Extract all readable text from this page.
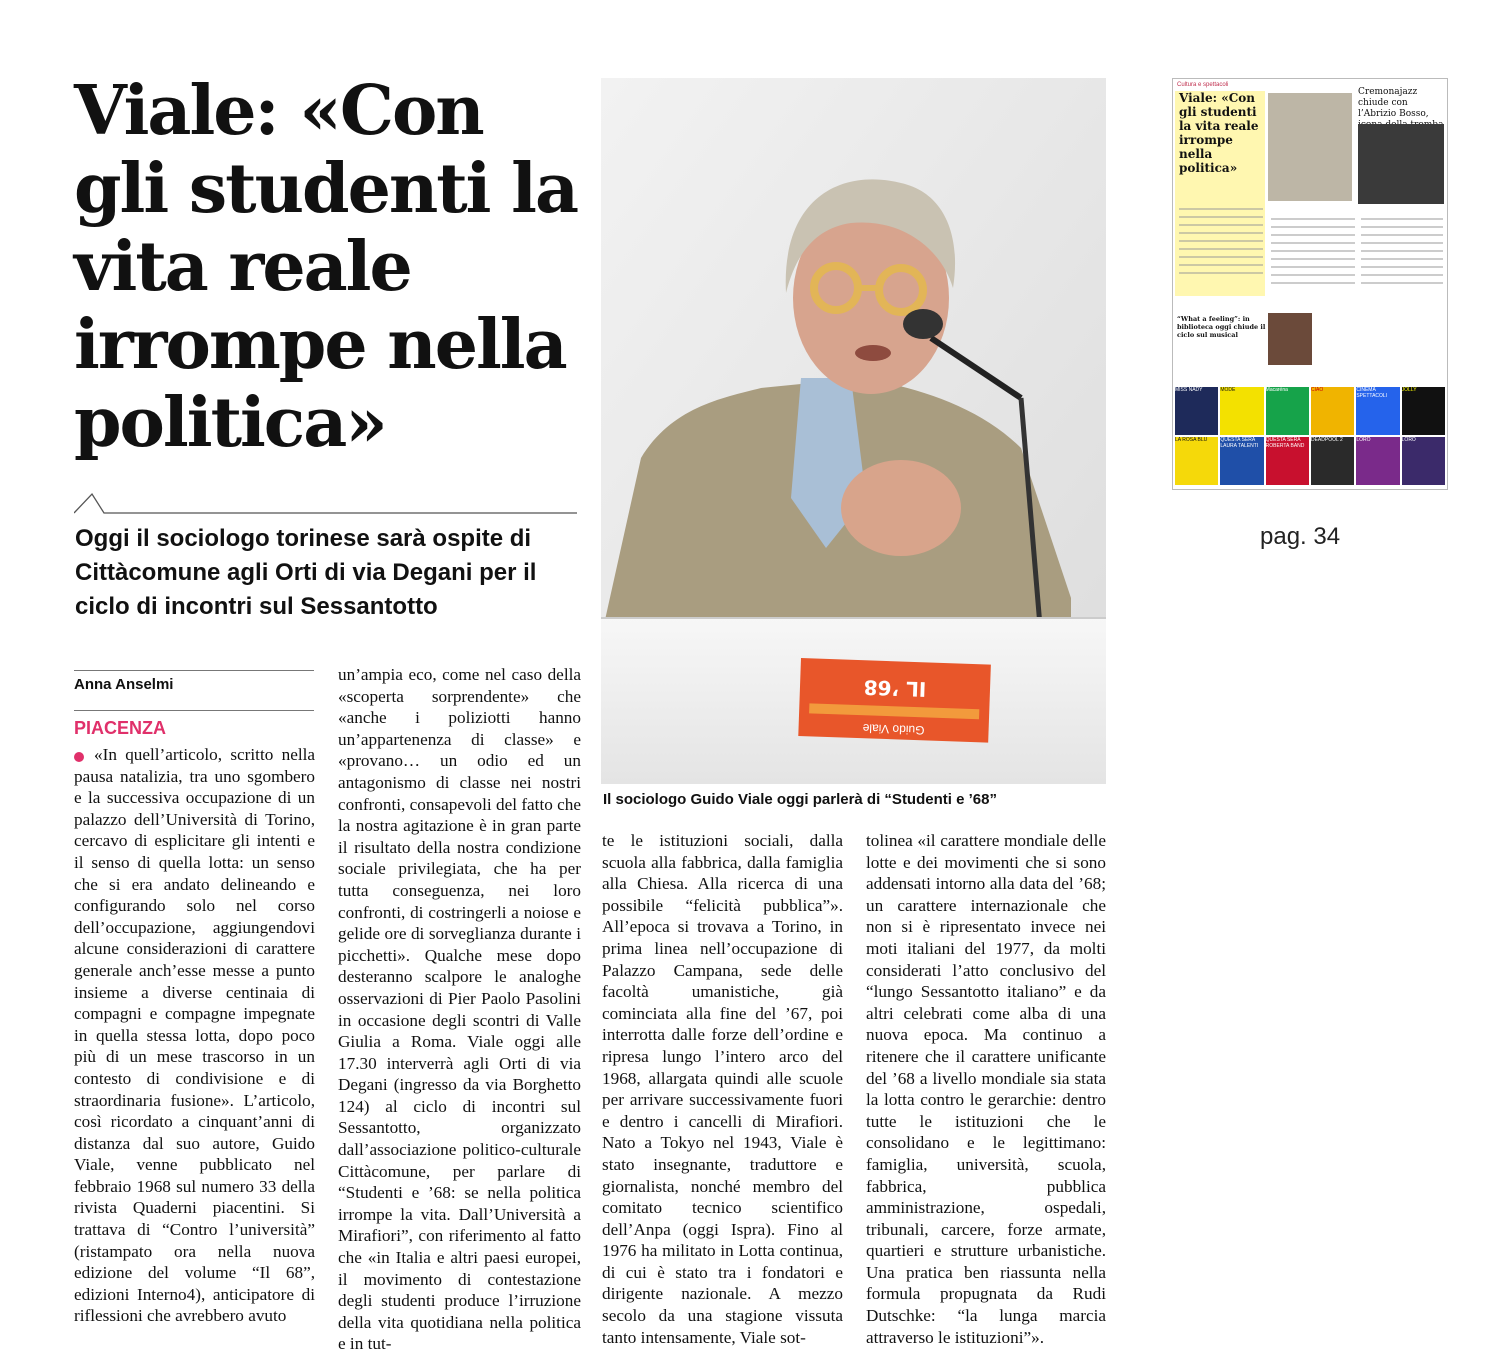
Viale: «Con gli studenti la vita reale irrompe nella politica»
Oggi il sociologo torinese sarà ospite di Cittàcomune agli Orti di via Degani per il ciclo di incontri sul Sessantotto
Anna Anselmi
PIACENZA

«In quell’articolo, scritto nella pausa natalizia, tra uno sgombero e la successiva occupazione di un palazzo dell’Università di Torino, cercavo di esplicitare gli intenti e il senso di quella lotta: un senso che si era andato delineando e configurando solo nel corso dell’occupazione, aggiungendovi alcune considerazioni di carattere generale anch’esse messe a punto insieme a diverse centinaia di compagni e compagne impegnate in quella stessa lotta, dopo poco più di un mese trascorso in un contesto di condivisione e di straordinaria fusione». L’articolo, così ricordato a cinquant’anni di distanza dal suo autore, Guido Viale, venne pubblicato nel febbraio 1968 sul numero 33 della rivista Quaderni piacentini. Si trattava di “Contro l’università” (ristampato ora nella nuova edizione del volume “Il 68”, edizioni Interno4), anticipatore di riflessioni che avrebbero avuto

un’ampia eco, come nel caso della «scoperta sorprendente» che «anche i poliziotti hanno un’appartenenza di classe» e «provano… un odio ed un antagonismo di classe nei nostri confronti, consapevoli del fatto che la nostra agitazione è in gran parte il risultato della nostra condizione sociale privilegiata, che ha per tutta conseguenza, nei loro confronti, di costringerli a noiose e gelide ore di sorveglianza durante i picchetti». Qualche mese dopo desteranno scalpore le analoghe osservazioni di Pier Paolo Pasolini in occasione degli scontri di Valle Giulia a Roma. Viale oggi alle 17.30 interverrà agli Orti di via Degani (ingresso da via Borghetto 124) al ciclo di incontri sul Sessantotto, organizzato dall’associazione politico-culturale Cittàcomune, per parlare di “Studenti e ’68: se nella politica irrompe la vita. Dall’Università a Mirafiori”, con riferimento al fatto che «in Italia e altri paesi europei, il movimento di contestazione degli studenti produce l’irruzione della vita quotidiana nella politica e in tut-

te le istituzioni sociali, dalla scuola alla fabbrica, dalla famiglia alla Chiesa. Alla ricerca di una possibile “felicità pubblica”». All’epoca si trovava a Torino, in prima linea nell’occupazione di Palazzo Campana, sede delle facoltà umanistiche, già cominciata alla fine del ’67, poi interrotta dalle forze dell’ordine e ripresa lungo l’intero arco del 1968, allargata quindi alle scuole per arrivare successivamente fuori e dentro i cancelli di Mirafiori. Nato a Tokyo nel 1943, Viale è stato insegnante, traduttore e giornalista, nonché membro del comitato tecnico scientifico dell’Anpa (oggi Ispra). Fino al 1976 ha militato in Lotta continua, di cui è stato tra i fondatori e dirigente nazionale. A mezzo secolo da una stagione vissuta tanto intensamente, Viale sot-

tolinea «il carattere mondiale delle lotte e dei movimenti che si sono addensati intorno alla data del ’68; un carattere internazionale che non si è ripresentato invece nei moti italiani del 1977, da molti considerati l’atto conclusivo del “lungo Sessantotto italiano” e da altri celebrati come alba di una nuova epoca. Ma continuo a ritenere che il carattere unificante del ’68 a livello mondiale sia stata la lotta contro le gerarchie: dentro tutte le istituzioni che le consolidano e le legittimano: famiglia, università, scuola, fabbrica, pubblica amministrazione, ospedali, tribunali, carcere, forze armate, quartieri e strutture urbanistiche. Una pratica ben riassunta nella formula propugnata da Rudi Dutschke: “la lunga marcia attraverso le istituzioni”».

IL ’68
Guido Viale
Il sociologo Guido Viale oggi parlerà di “Studenti e ’68”
Cultura e spettacoli
Viale: «Con gli studenti la vita reale irrompe nella politica»
Cremonajazz chiude con l’Abrizio Bosso,
“What a feeling”: in biblioteca oggi chiude il ciclo sul musical
MISS NADY	MODE	Macaréna	CIAO	CINEMA SPETTACOLI
JOLLY
LA ROSA BLU	QUESTA SERA LAURA TALENTI
QUESTA SERA ROBERTA BAND
DEADPOOL 2	LORO	LORO
pag. 34
